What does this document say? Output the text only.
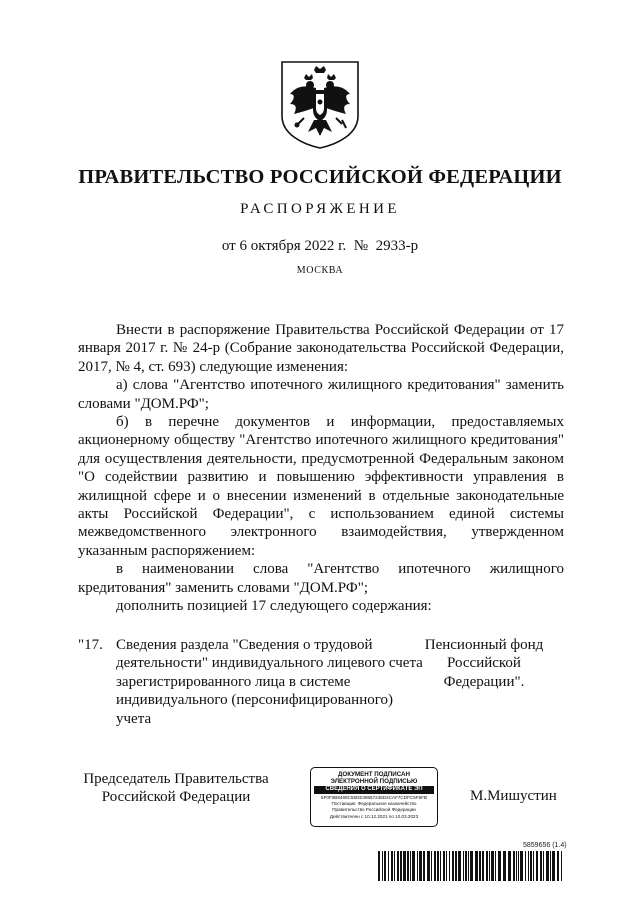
ПРАВИТЕЛЬСТВО РОССИЙСКОЙ ФЕДЕРАЦИИ
РАСПОРЯЖЕНИЕ
от 6 октября 2022 г.  №  2933-р
МОСКВА

Внести в распоряжение Правительства Российской Федерации от 17 января 2017 г. № 24-р (Собрание законодательства Российской Федерации, 2017, № 4, ст. 693) следующие изменения:

а) слова "Агентство ипотечного жилищного кредитования" заменить словами "ДОМ.РФ";

б) в перечне документов и информации, предоставляемых акционерному обществу "Агентство ипотечного жилищного кредитования" для осуществления деятельности, предусмотренной Федеральным законом "О содействии развитию и повышению эффективности управления в жилищной сфере и о внесении изменений в отдельные законодательные акты Российской Федерации", с использованием единой системы межведомственного электронного взаимодействия, утвержденном указанным распоряжением:

в наименовании слова "Агентство ипотечного жилищного кредитования" заменить словами "ДОМ.РФ";

дополнить позицией 17 следующего содержания:

"17. Сведения раздела "Сведения о трудовой деятельности" индивидуального лицевого счета зарегистрированного лица в системе индивидуального (персонифицированного) учета
Пенсионный фонд Российской Федерации".
Председатель Правительства Российской Федерации
ДОКУМЕНТ ПОДПИСАН
ЭЛЕКТРОННОЙ ПОДПИСЬЮ
СВЕДЕНИЯ О СЕРТИФИКАТЕ ЭП
5F0F0B8469C55DE38667245D4CAF7CDFC5F5FB
Поставщик: Федеральное казначейство
Правительство Российской Федерации
Действителен с 10.12.2021 по 10.03.2023
М.Мишустин
5859656 (1.4)
